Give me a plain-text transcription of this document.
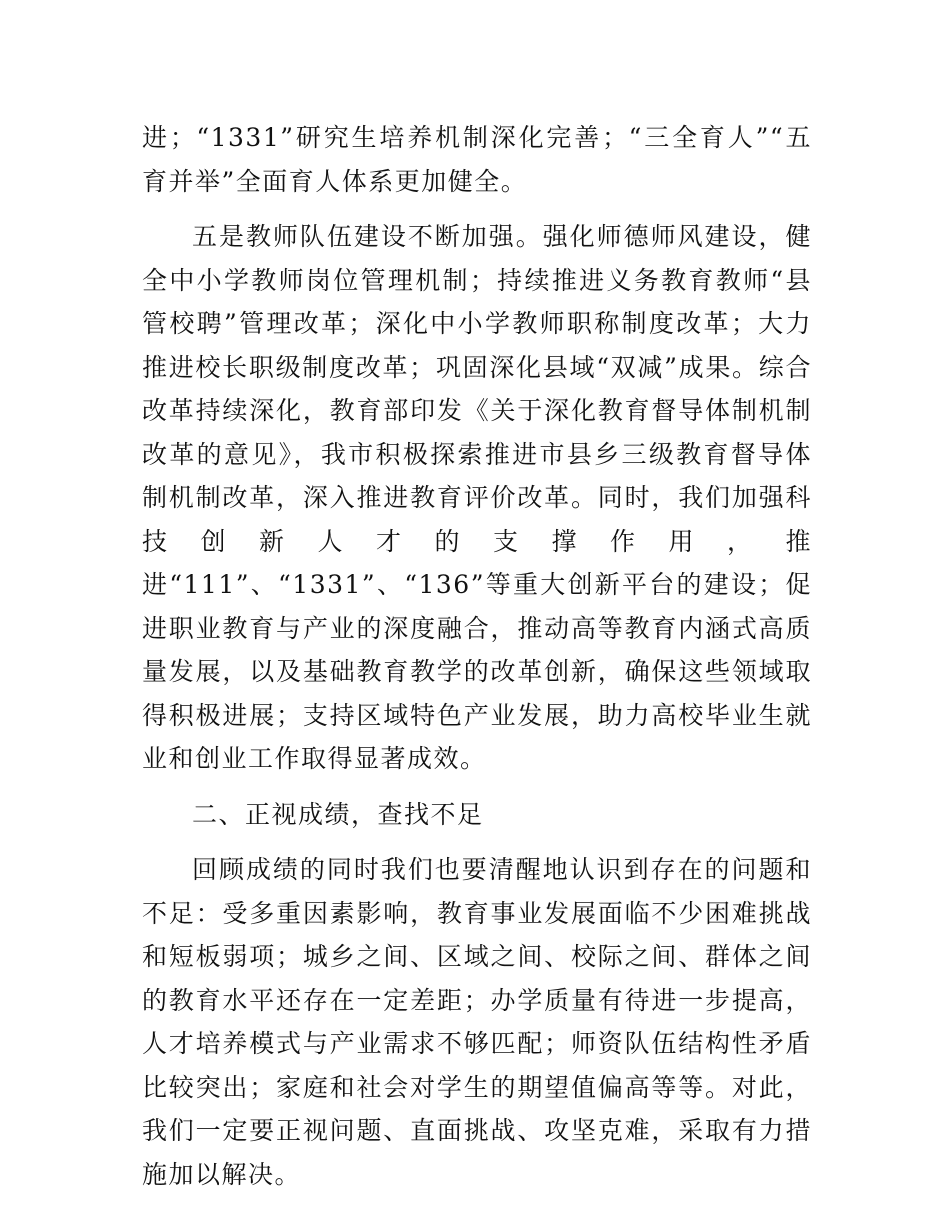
进；“1331”研究生培养机制深化完善；“三全育人”“五育并举”全面育人体系更加健全。

五是教师队伍建设不断加强。强化师德师风建设，健全中小学教师岗位管理机制；持续推进义务教育教师“县管校聘”管理改革；深化中小学教师职称制度改革；大力推进校长职级制度改革；巩固深化县域“双减”成果。综合改革持续深化，教育部印发《关于深化教育督导体制机制改革的意见》，我市积极探索推进市县乡三级教育督导体制机制改革，深入推进教育评价改革。同时，我们加强科技创新人才的支撑作用，推进“111”、“1331”、“136”等重大创新平台的建设；促进职业教育与产业的深度融合，推动高等教育内涵式高质量发展，以及基础教育教学的改革创新，确保这些领域取得积极进展；支持区域特色产业发展，助力高校毕业生就业和创业工作取得显著成效。

二、正视成绩，查找不足

回顾成绩的同时我们也要清醒地认识到存在的问题和不足：受多重因素影响，教育事业发展面临不少困难挑战和短板弱项；城乡之间、区域之间、校际之间、群体之间的教育水平还存在一定差距；办学质量有待进一步提高，人才培养模式与产业需求不够匹配；师资队伍结构性矛盾比较突出；家庭和社会对学生的期望值偏高等等。对此，我们一定要正视问题、直面挑战、攻坚克难，采取有力措施加以解决。
